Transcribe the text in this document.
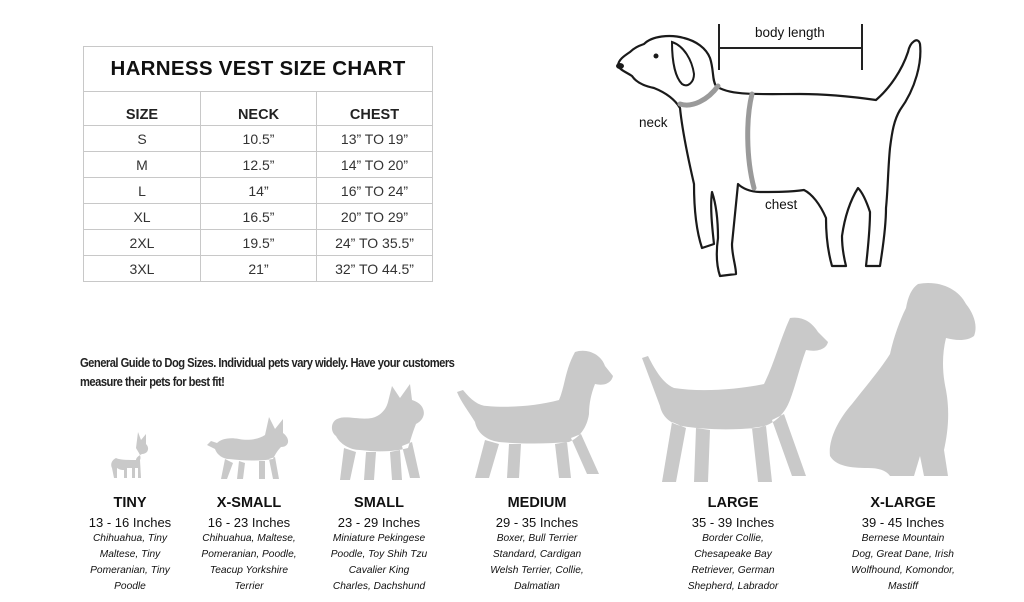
HARNESS VEST SIZE CHART		
SIZE	NECK	CHEST
S	10.5”	13” TO 19”
M	12.5”	14” TO 20”
L	14”	16” TO 24”
XL	16.5”	20” TO 29”
2XL	19.5”	24” TO 35.5”
3XL	21”	32” TO 44.5”
body length
neck
chest
General Guide to Dog Sizes. Individual pets vary widely. Have your customers
measure their pets for best fit!
TINY
13 - 16 Inches
Chihuahua, Tiny
Maltese, Tiny
Pomeranian, Tiny
Poodle
X-SMALL
16 - 23 Inches
Chihuahua, Maltese,
Pomeranian, Poodle,
Teacup Yorkshire
Terrier
SMALL
23 - 29 Inches
Miniature Pekingese
Poodle, Toy Shih Tzu
Cavalier King
Charles, Dachshund
MEDIUM
29 - 35 Inches
Boxer, Bull Terrier
Standard, Cardigan
Welsh Terrier, Collie,
Dalmatian
LARGE
35 - 39 Inches
Border Collie,
Chesapeake Bay
Retriever, German
Shepherd, Labrador
X-LARGE
39 - 45 Inches
Bernese Mountain
Dog, Great Dane, Irish
Wolfhound, Komondor,
Mastiff
